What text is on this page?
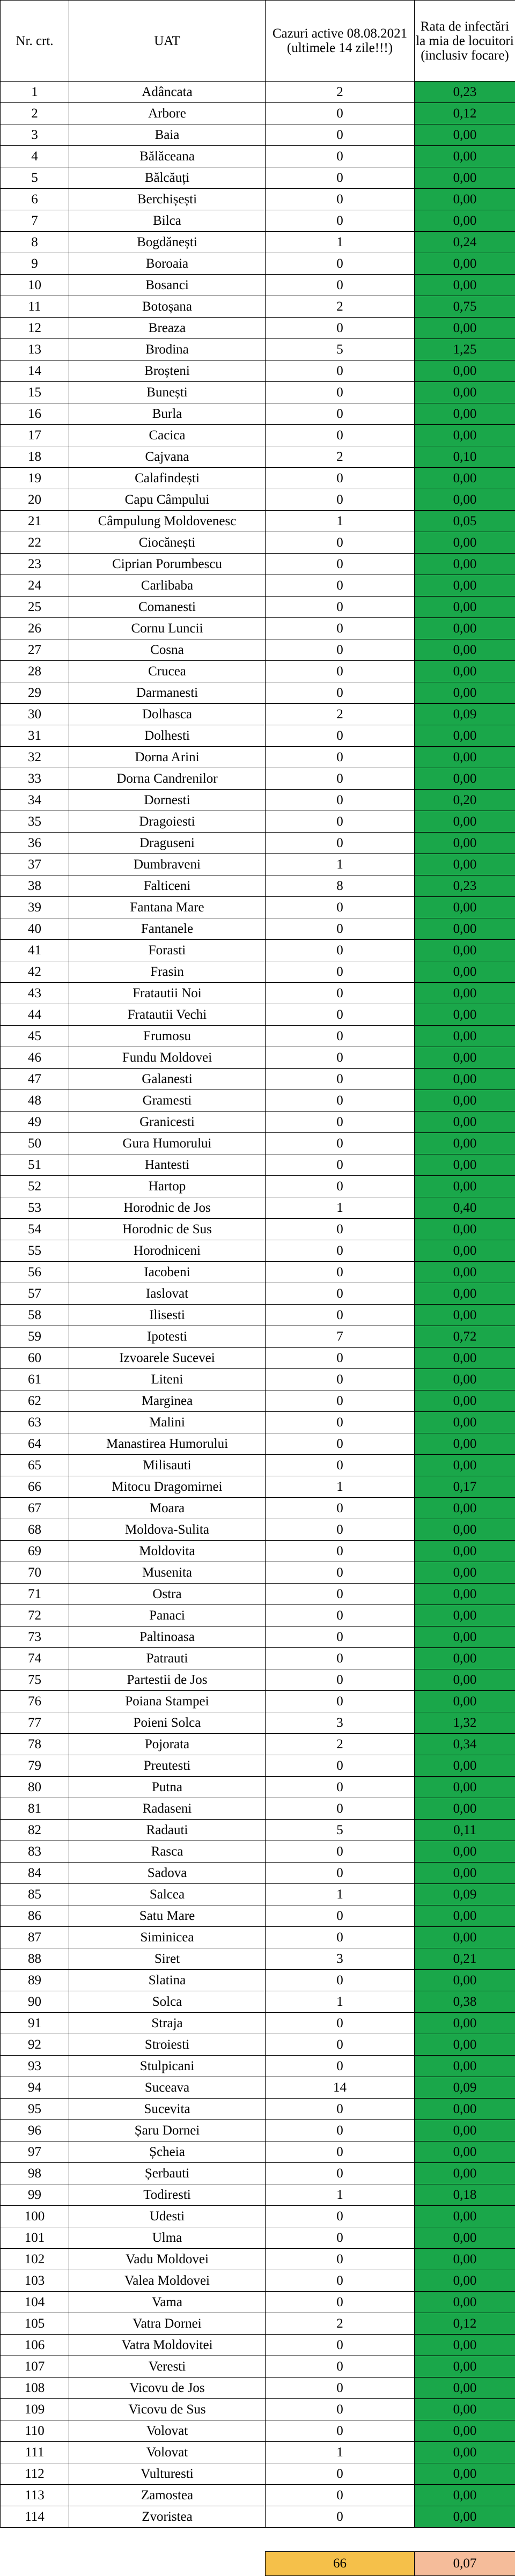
Nr. crt.	UAT	Cazuri active 08.08.2021 (ultimele 14 zile!!!)	Rata de infectări la mia de locuitori (inclusiv focare)
1	Adâncata	2	0,23
2	Arbore	0	0,12
3	Baia	0	0,00
4	Bălăceana	0	0,00
5	Bălcăuți	0	0,00
6	Berchișești	0	0,00
7	Bilca	0	0,00
8	Bogdănești	1	0,24
9	Boroaia	0	0,00
10	Bosanci	0	0,00
11	Botoșana	2	0,75
12	Breaza	0	0,00
13	Brodina	5	1,25
14	Broșteni	0	0,00
15	Bunești	0	0,00
16	Burla	0	0,00
17	Cacica	0	0,00
18	Cajvana	2	0,10
19	Calafindești	0	0,00
20	Capu Câmpului	0	0,00
21	Câmpulung Moldovenesc	1	0,05
22	Ciocănești	0	0,00
23	Ciprian Porumbescu	0	0,00
24	Carlibaba	0	0,00
25	Comanesti	0	0,00
26	Cornu Luncii	0	0,00
27	Cosna	0	0,00
28	Crucea	0	0,00
29	Darmanesti	0	0,00
30	Dolhasca	2	0,09
31	Dolhesti	0	0,00
32	Dorna Arini	0	0,00
33	Dorna Candrenilor	0	0,00
34	Dornesti	0	0,20
35	Dragoiesti	0	0,00
36	Draguseni	0	0,00
37	Dumbraveni	1	0,00
38	Falticeni	8	0,23
39	Fantana Mare	0	0,00
40	Fantanele	0	0,00
41	Forasti	0	0,00
42	Frasin	0	0,00
43	Fratautii Noi	0	0,00
44	Fratautii Vechi	0	0,00
45	Frumosu	0	0,00
46	Fundu Moldovei	0	0,00
47	Galanesti	0	0,00
48	Gramesti	0	0,00
49	Granicesti	0	0,00
50	Gura Humorului	0	0,00
51	Hantesti	0	0,00
52	Hartop	0	0,00
53	Horodnic de Jos	1	0,40
54	Horodnic de Sus	0	0,00
55	Horodniceni	0	0,00
56	Iacobeni	0	0,00
57	Iaslovat	0	0,00
58	Ilisesti	0	0,00
59	Ipotesti	7	0,72
60	Izvoarele Sucevei	0	0,00
61	Liteni	0	0,00
62	Marginea	0	0,00
63	Malini	0	0,00
64	Manastirea Humorului	0	0,00
65	Milisauti	0	0,00
66	Mitocu Dragomirnei	1	0,17
67	Moara	0	0,00
68	Moldova-Sulita	0	0,00
69	Moldovita	0	0,00
70	Musenita	0	0,00
71	Ostra	0	0,00
72	Panaci	0	0,00
73	Paltinoasa	0	0,00
74	Patrauti	0	0,00
75	Partestii de Jos	0	0,00
76	Poiana Stampei	0	0,00
77	Poieni Solca	3	1,32
78	Pojorata	2	0,34
79	Preutesti	0	0,00
80	Putna	0	0,00
81	Radaseni	0	0,00
82	Radauti	5	0,11
83	Rasca	0	0,00
84	Sadova	0	0,00
85	Salcea	1	0,09
86	Satu Mare	0	0,00
87	Siminicea	0	0,00
88	Siret	3	0,21
89	Slatina	0	0,00
90	Solca	1	0,38
91	Straja	0	0,00
92	Stroiesti	0	0,00
93	Stulpicani	0	0,00
94	Suceava	14	0,09
95	Sucevita	0	0,00
96	Șaru Dornei	0	0,00
97	Șcheia	0	0,00
98	Șerbauti	0	0,00
99	Todiresti	1	0,18
100	Udesti	0	0,00
101	Ulma	0	0,00
102	Vadu Moldovei	0	0,00
103	Valea Moldovei	0	0,00
104	Vama	0	0,00
105	Vatra Dornei	2	0,12
106	Vatra Moldovitei	0	0,00
107	Veresti	0	0,00
108	Vicovu de Jos	0	0,00
109	Vicovu de Sus	0	0,00
110	Volovat	0	0,00
111	Volovat	1	0,00
112	Vulturesti	0	0,00
113	Zamostea	0	0,00
114	Zvoristea	0	0,00

		66	0,07
